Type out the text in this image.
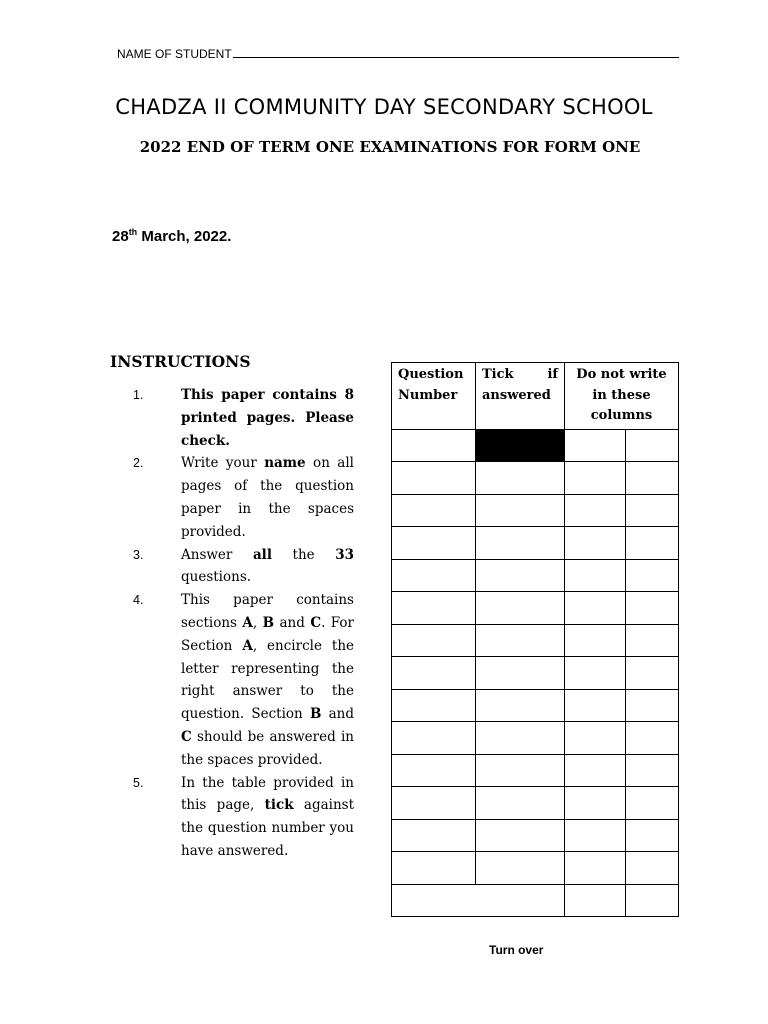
NAME OF STUDENT
CHADZA II COMMUNITY DAY SECONDARY SCHOOL
2022 END OF TERM ONE EXAMINATIONS FOR FORM ONE
28th March, 2022.
INSTRUCTIONS
1.	This paper contains 8 printed pages. Please check.
2.	Write your name on all pages of the question paper in the spaces provided.
3.	Answer all the 33 questions.
4.	This paper contains sections A, B and C. For Section A, encircle the letter representing the right answer to the question. Section B and C should be answered in the spaces provided.
5.	In the table provided in this page, tick against the question number you have answered.
Question Number	Tick if answered	Do not write in these columns	

Turn over
